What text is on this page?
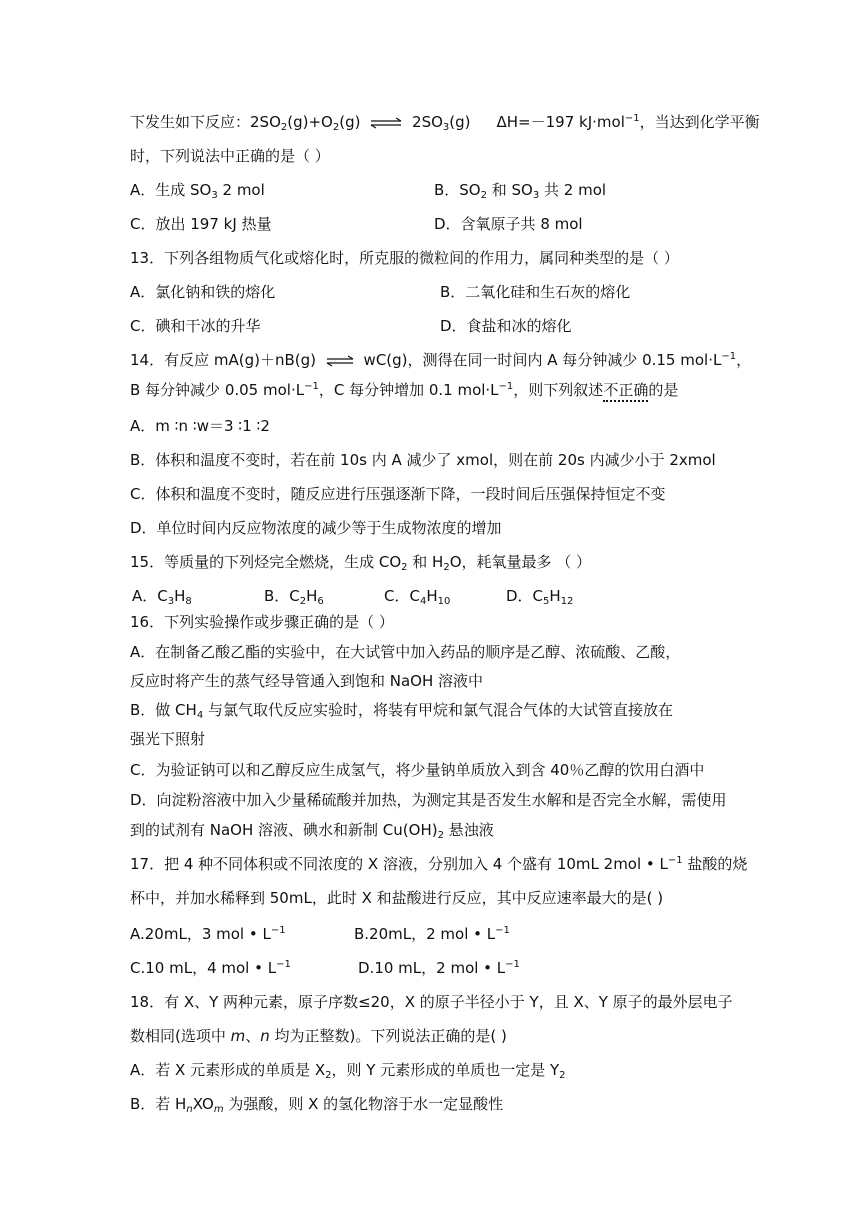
下发生如下反应：$2SO_2(g)+O_2(g)$ ⇌ $2SO_3(g)$ ΔH=－197 kJ·mol$^{-1}$，当达到化学平衡
时，下列说法中正确的是（ ）
A．生成 $SO_3$ 2 mol	B．$SO_2$ 和 $SO_3$ 共 2 mol
C．放出 197 kJ 热量	D．含氧原子共 8 mol
13．下列各组物质气化或熔化时，所克服的微粒间的作用力，属同种类型的是（ ）
A．氯化钠和铁的熔化	B．二氧化硅和生石灰的熔化
C．碘和干冰的升华	D．食盐和冰的熔化
14．有反应 mA(g)＋nB(g) ⇌ wC(g)，测得在同一时间内 A 每分钟减少 0.15 $mol\cdot L^{-1}$，
B 每分钟减少 0.05 $mol\cdot L^{-1}$，C 每分钟增加 0.1 $mol\cdot L^{-1}$，则下列叙述不正确的是
A．m ∶n ∶w＝3 ∶1 ∶2
B．体积和温度不变时，若在前 10s 内 A 减少了 xmol，则在前 20s 内减少小于 2xmol
C．体积和温度不变时，随反应进行压强逐渐下降，一段时间后压强保持恒定不变
D．单位时间内反应物浓度的减少等于生成物浓度的增加
15．等质量的下列烃完全燃烧，生成 $CO_2$ 和 $H_2O$，耗氧量最多 （ ）
A．$C_3H_8$	B．$C_2H_6$	C．$C_4H_{10}$	D．$C_5H_{12}$
16．下列实验操作或步骤正确的是（ ）
A．在制备乙酸乙酯的实验中，在大试管中加入药品的顺序是乙醇、浓硫酸、乙酸，
反应时将产生的蒸气经导管通入到饱和 NaOH 溶液中
B．做 $CH_4$ 与氯气取代反应实验时，将装有甲烷和氯气混合气体的大试管直接放在
强光下照射
C．为验证钠可以和乙醇反应生成氢气，将少量钠单质放入到含 40％乙醇的饮用白酒中
D．向淀粉溶液中加入少量稀硫酸并加热，为测定其是否发生水解和是否完全水解，需使用
到的试剂有 NaOH 溶液、碘水和新制 $Cu(OH)_2$ 悬浊液
17．把 4 种不同体积或不同浓度的 X 溶液，分别加入 4 个盛有 10mL 2mol • $L^{-1}$ 盐酸的烧
杯中，并加水稀释到 50mL，此时 X 和盐酸进行反应，其中反应速率最大的是( )
A.20mL，3 mol • $L^{-1}$	B.20mL，2 mol • $L^{-1}$
C.10 mL，4 mol • $L^{-1}$	D.10 mL，2 mol • $L^{-1}$
18．有 X、Y 两种元素，原子序数≤20，X 的原子半径小于 Y，且 X、Y 原子的最外层电子
数相同(选项中 m、n 均为正整数)。下列说法正确的是( )
A．若 X 元素形成的单质是 $X_2$，则 Y 元素形成的单质也一定是 $Y_2$
B．若 $H_nXO_m$ 为强酸，则 X 的氢化物溶于水一定显酸性
